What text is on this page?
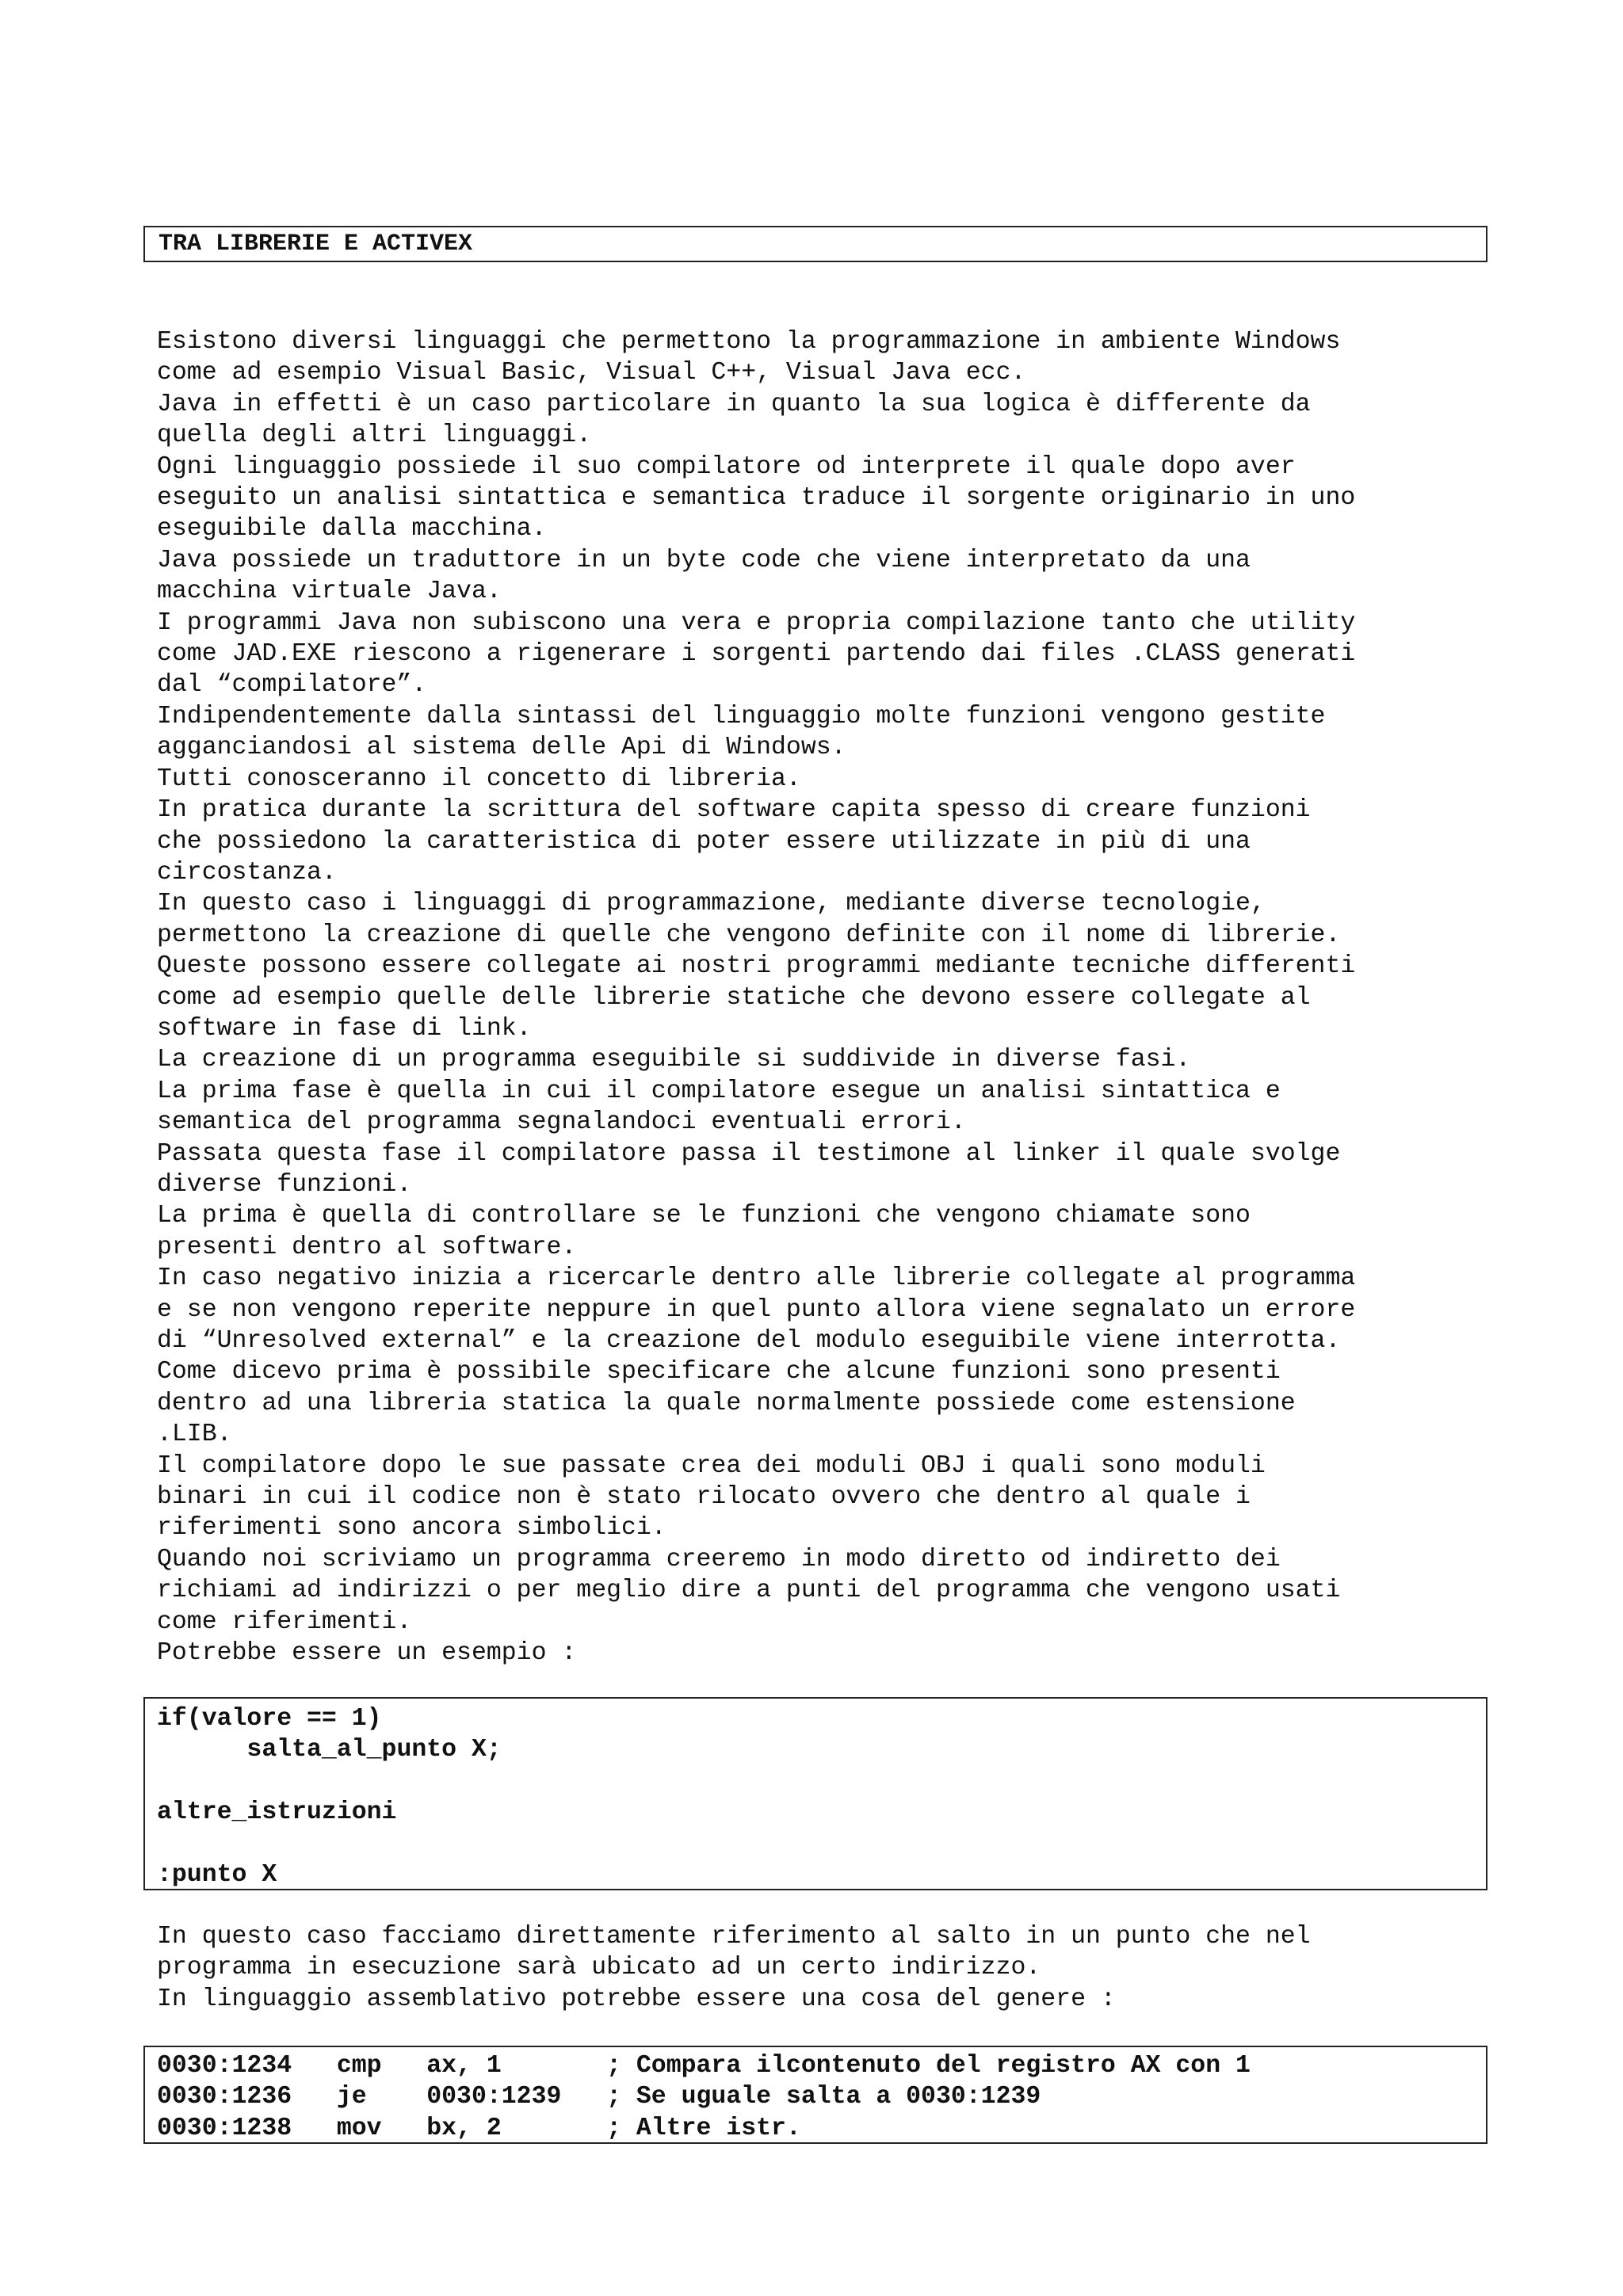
TRA LIBRERIE E ACTIVEX
Esistono diversi linguaggi che permettono la programmazione in ambiente Windows
come ad esempio Visual Basic, Visual C++, Visual Java ecc.
Java in effetti è un caso particolare in quanto la sua logica è differente da
quella degli altri linguaggi.
Ogni linguaggio possiede il suo compilatore od interprete il quale dopo aver
eseguito un analisi sintattica e semantica traduce il sorgente originario in uno
eseguibile dalla macchina.
Java possiede un traduttore in un byte code che viene interpretato da una
macchina virtuale Java.
I programmi Java non subiscono una vera e propria compilazione tanto che utility
come JAD.EXE riescono a rigenerare i sorgenti partendo dai files .CLASS generati
dal “compilatore”.
Indipendentemente dalla sintassi del linguaggio molte funzioni vengono gestite
agganciandosi al sistema delle Api di Windows.
Tutti conosceranno il concetto di libreria.
In pratica durante la scrittura del software capita spesso di creare funzioni
che possiedono la caratteristica di poter essere utilizzate in più di una
circostanza.
In questo caso i linguaggi di programmazione, mediante diverse tecnologie,
permettono la creazione di quelle che vengono definite con il nome di librerie.
Queste possono essere collegate ai nostri programmi mediante tecniche differenti
come ad esempio quelle delle librerie statiche che devono essere collegate al
software in fase di link.
La creazione di un programma eseguibile si suddivide in diverse fasi.
La prima fase è quella in cui il compilatore esegue un analisi sintattica e
semantica del programma segnalandoci eventuali errori.
Passata questa fase il compilatore passa il testimone al linker il quale svolge
diverse funzioni.
La prima è quella di controllare se le funzioni che vengono chiamate sono
presenti dentro al software.
In caso negativo inizia a ricercarle dentro alle librerie collegate al programma
e se non vengono reperite neppure in quel punto allora viene segnalato un errore
di “Unresolved external” e la creazione del modulo eseguibile viene interrotta.
Come dicevo prima è possibile specificare che alcune funzioni sono presenti
dentro ad una libreria statica la quale normalmente possiede come estensione
.LIB.
Il compilatore dopo le sue passate crea dei moduli OBJ i quali sono moduli
binari in cui il codice non è stato rilocato ovvero che dentro al quale i
riferimenti sono ancora simbolici.
Quando noi scriviamo un programma creeremo in modo diretto od indiretto dei
richiami ad indirizzi o per meglio dire a punti del programma che vengono usati
come riferimenti.
Potrebbe essere un esempio :
if(valore == 1)
salta_al_punto X;
altre_istruzioni
:punto X
In questo caso facciamo direttamente riferimento al salto in un punto che nel
programma in esecuzione sarà ubicato ad un certo indirizzo.
In linguaggio assemblativo potrebbe essere una cosa del genere :
0030:1234   cmp   ax, 1       ; Compara ilcontenuto del registro AX con 1
0030:1236   je    0030:1239   ; Se uguale salta a 0030:1239
0030:1238   mov   bx, 2       ; Altre istr.
